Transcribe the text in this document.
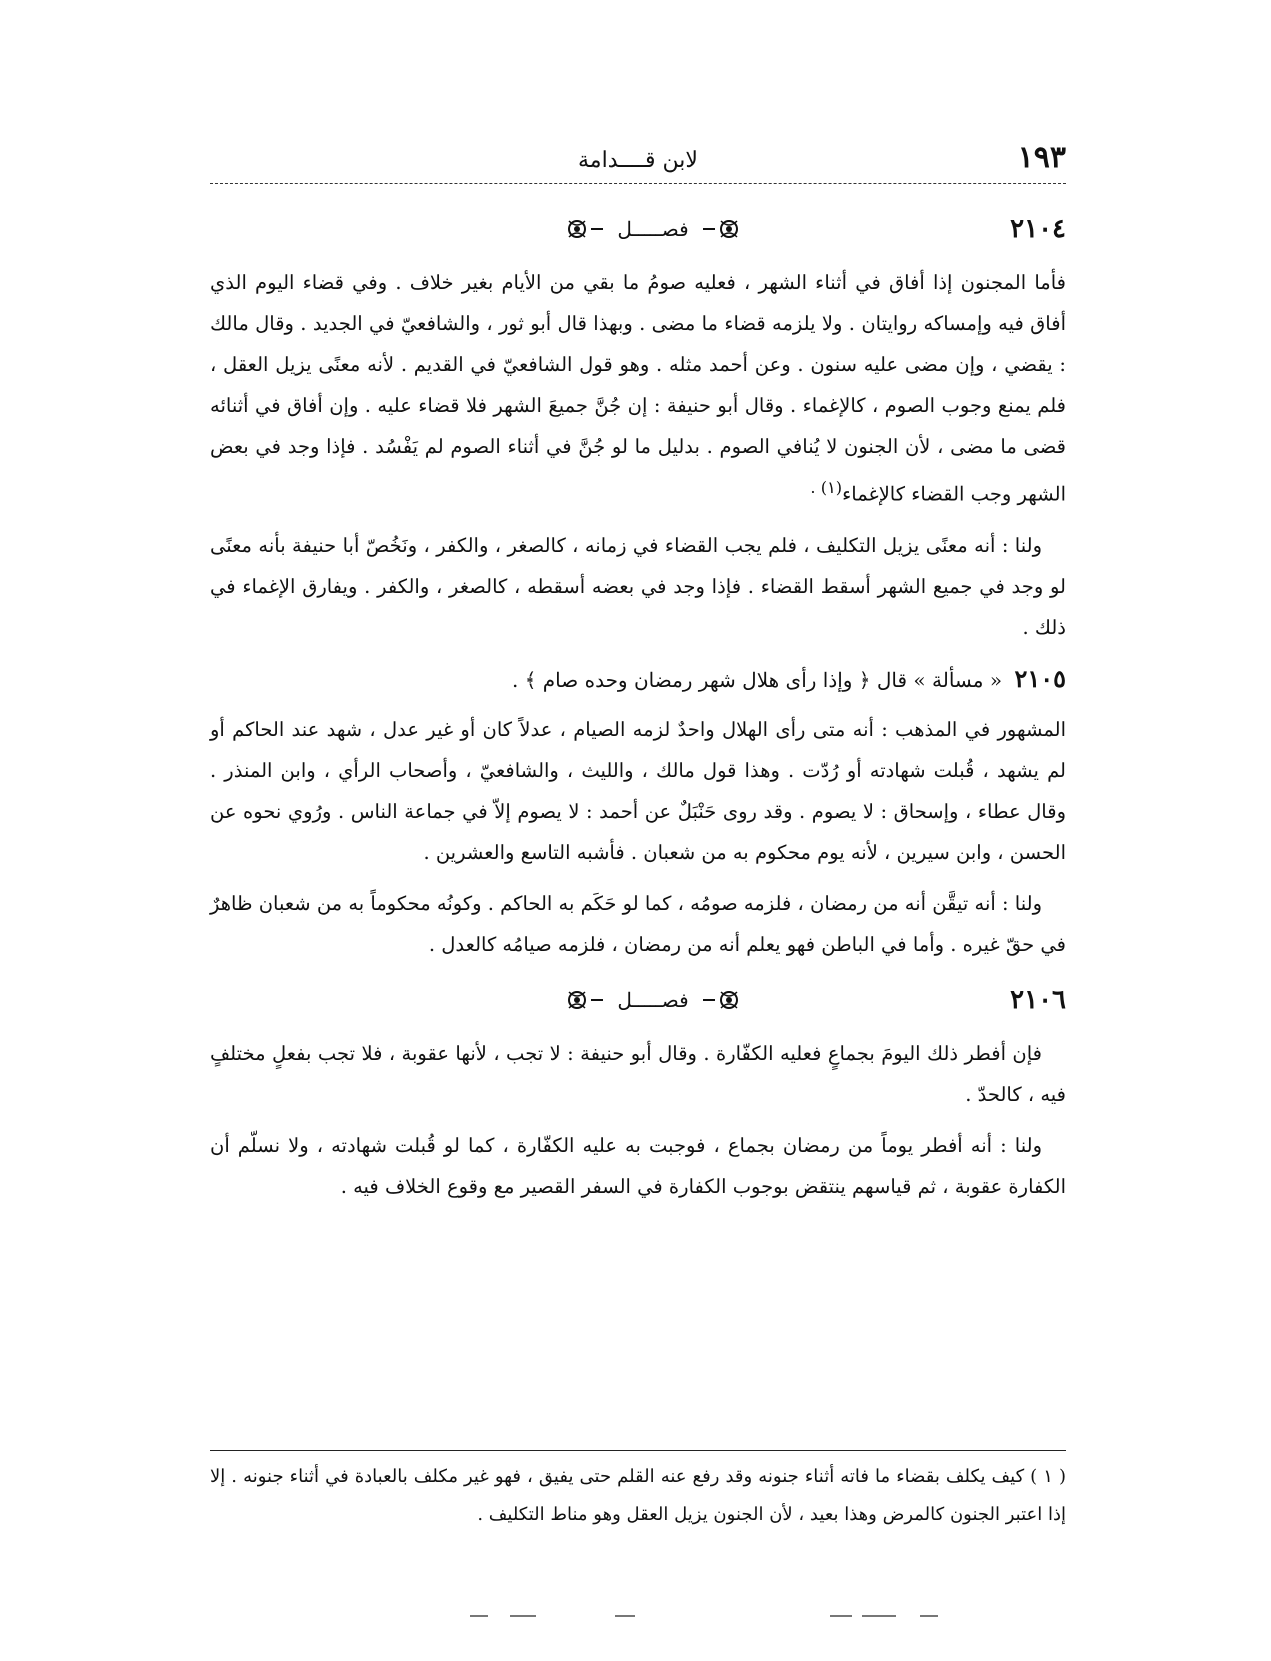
١٩٣
لابن قــــدامة
٢١٠٤
فصـــــل

فأما المجنون إذا أفاق في أثناء الشهر ، فعليه صومُ ما بقي من الأيام بغير خلاف . وفي قضاء اليوم الذي أفاق فيه وإمساكه روايتان . ولا يلزمه قضاء ما مضى . وبهذا قال أبو ثور ، والشافعيّ في الجديد . وقال مالك : يقضي ، وإن مضى عليه سنون . وعن أحمد مثله . وهو قول الشافعيّ في القديم . لأنه معنًى يزيل العقل ، فلم يمنع وجوب الصوم ، كالإغماء . وقال أبو حنيفة : إن جُنَّ جميعَ الشهر فلا قضاء عليه . وإن أفاق في أثنائه قضى ما مضى ، لأن الجنون لا يُنافي الصوم . بدليل ما لو جُنَّ في أثناء الصوم لم يَفْسُد . فإذا وجد في بعض الشهر وجب القضاء كالإغماء$^{(١) .}$

ولنا : أنه معنًى يزيل التكليف ، فلم يجب القضاء في زمانه ، كالصغر ، والكفر ، ونَخُصّ أبا حنيفة بأنه معنًى لو وجد في جميع الشهر أسقط القضاء . فإذا وجد في بعضه أسقطه ، كالصغر ، والكفر . ويفارق الإغماء في ذلك .

٢١٠٥ « مسألة » قال ﴿ وإذا رأى هلال شهر رمضان وحده صام ﴾ .

المشهور في المذهب : أنه متى رأى الهلال واحدٌ لزمه الصيام ، عدلاً كان أو غير عدل ، شهد عند الحاكم أو لم يشهد ، قُبلت شهادته أو رُدّت . وهذا قول مالك ، والليث ، والشافعيّ ، وأصحاب الرأي ، وابن المنذر . وقال عطاء ، وإسحاق : لا يصوم . وقد روى حَنْبَلٌ عن أحمد : لا يصوم إلاّ في جماعة الناس . ورُوي نحوه عن الحسن ، وابن سيرين ، لأنه يوم محكوم به من شعبان . فأشبه التاسع والعشرين .

ولنا : أنه تيقَّن أنه من رمضان ، فلزمه صومُه ، كما لو حَكَم به الحاكم . وكونُه محكوماً به من شعبان ظاهرٌ في حقّ غيره . وأما في الباطن فهو يعلم أنه من رمضان ، فلزمه صيامُه كالعدل .

٢١٠٦
فصـــــل

فإن أفطر ذلك اليومَ بجماعٍ فعليه الكفّارة . وقال أبو حنيفة : لا تجب ، لأنها عقوبة ، فلا تجب بفعلٍ مختلفٍ فيه ، كالحدّ .

ولنا : أنه أفطر يوماً من رمضان بجماع ، فوجبت به عليه الكفّارة ، كما لو قُبلت شهادته ، ولا نسلّم أن الكفارة عقوبة ، ثم قياسهم ينتقض بوجوب الكفارة في السفر القصير مع وقوع الخلاف فيه .

( ١ ) كيف يكلف بقضاء ما فاته أثناء جنونه وقد رفع عنه القلم حتى يفيق ، فهو غير مكلف بالعبادة في أثناء جنونه . إلا إذا اعتبر الجنون كالمرض وهذا بعيد ، لأن الجنون يزيل العقل وهو مناط التكليف .
